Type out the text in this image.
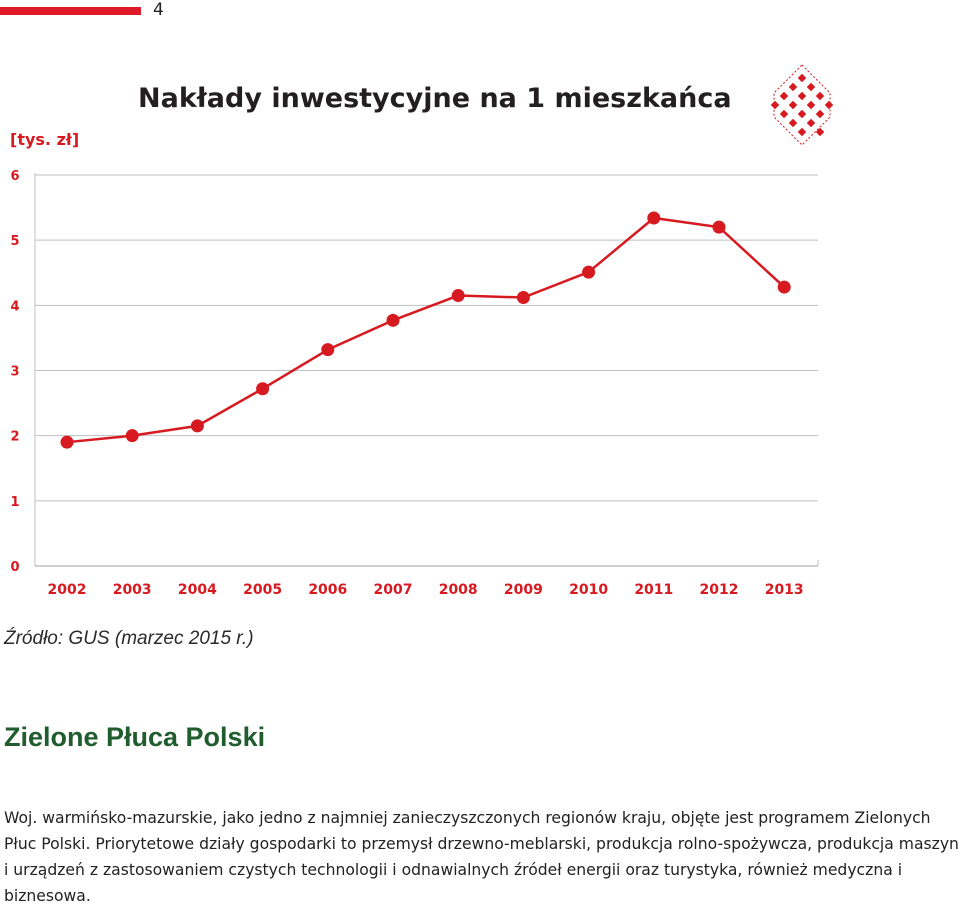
4
Nakłady inwestycyjne na 1 mieszkańca
[tys. zł]
0
1
2
3
4
5
6
2002 2003 2004 2005 2006 2007 2008 2009 2010 2011 2012 2013
Źródło: GUS (marzec 2015 r.)
Zielone Płuca Polski

Woj. warmińsko-mazurskie, jako jedno z najmniej zanieczyszczonych regionów kraju, objęte jest programem Zielonych Płuc Polski. Priorytetowe działy gospodarki to przemysł drzewno-meblarski, produkcja rolno-spożywcza, produkcja maszyn i urządzeń z zastosowaniem czystych technologii i odnawialnych źródeł energii oraz turystyka, również medyczna i biznesowa.
